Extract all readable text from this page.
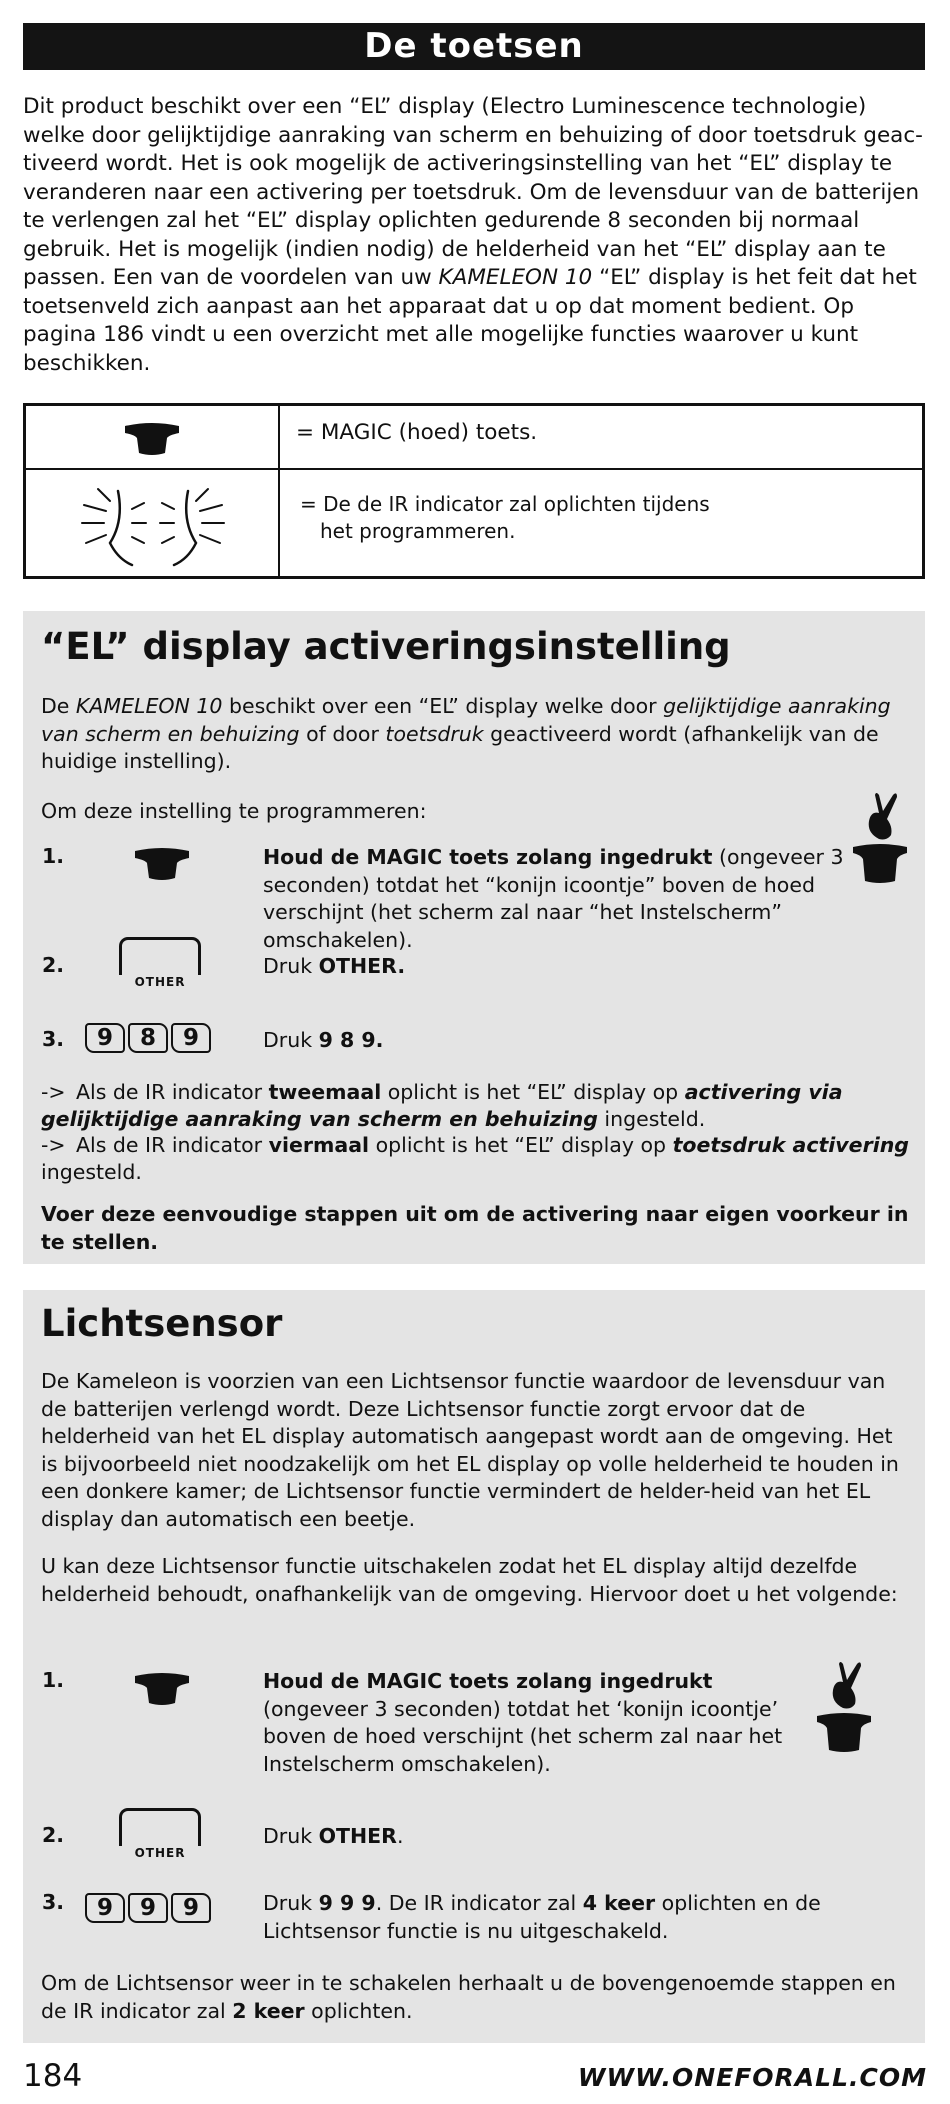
De toetsen
Dit product beschikt over een “EL” display (Electro Luminescence technologie) welke door gelijktijdige aanraking van scherm en behuizing of door toetsdruk geac-tiveerd wordt. Het is ook mogelijk de activeringsinstelling van het “EL” display te veranderen naar een activering per toetsdruk. Om de levensduur van de batterijen te verlengen zal het “EL” display oplichten gedurende 8 seconden bij normaal gebruik. Het is mogelijk (indien nodig) de helderheid van het “EL” display aan te passen. Een van de voordelen van uw KAMELEON 10 “EL” display is het feit dat het toetsenveld zich aanpast aan het apparaat dat u op dat moment bedient. Op pagina 186 vindt u een overzicht met alle mogelijke functies waarover u kunt beschikken.
= MAGIC (hoed) toets.
= De de IR indicator zal oplichten tijdens
het programmeren.
“EL” display activeringsinstelling
De KAMELEON 10 beschikt over een “EL” display welke door gelijktijdige aanraking van scherm en behuizing of door toetsdruk geactiveerd wordt (afhankelijk van de huidige instelling).
Om deze instelling te programmeren:
1.	Houd de MAGIC toets zolang ingedrukt (ongeveer 3 seconden) totdat het “konijn icoontje” boven de hoed verschijnt (het scherm zal naar “het Instelscherm” omschakelen).
2.
OTHER
Druk OTHER.
3.	9	8	9	Druk 9 8 9.
-> Als de IR indicator tweemaal oplicht is het “EL” display op activering via gelijktijdige aanraking van scherm en behuizing ingesteld.
-> Als de IR indicator viermaal oplicht is het “EL” display op toetsdruk activering ingesteld.
Voer deze eenvoudige stappen uit om de activering naar eigen voorkeur in te stellen.
Lichtsensor
De Kameleon is voorzien van een Lichtsensor functie waardoor de levensduur van de batterijen verlengd wordt. Deze Lichtsensor functie zorgt ervoor dat de helderheid van het EL display automatisch aangepast wordt aan de omgeving. Het is bijvoorbeeld niet noodzakelijk om het EL display op volle helderheid te houden in een donkere kamer; de Lichtsensor functie vermindert de helder-heid van het EL display dan automatisch een beetje.
U kan deze Lichtsensor functie uitschakelen zodat het EL display altijd dezelfde helderheid behoudt, onafhankelijk van de omgeving. Hiervoor doet u het volgende:
1.	Houd de MAGIC toets zolang ingedrukt
(ongeveer 3 seconden) totdat het ‘konijn icoontje’ boven de hoed verschijnt (het scherm zal naar het Instelscherm omschakelen).
2.
OTHER
Druk OTHER.
3.	9	9	9	Druk 9 9 9. De IR indicator zal 4 keer oplichten en de Lichtsensor functie is nu uitgeschakeld.
Om de Lichtsensor weer in te schakelen herhaalt u de bovengenoemde stappen en de IR indicator zal 2 keer oplichten.
184	WWW.ONEFORALL.COM
